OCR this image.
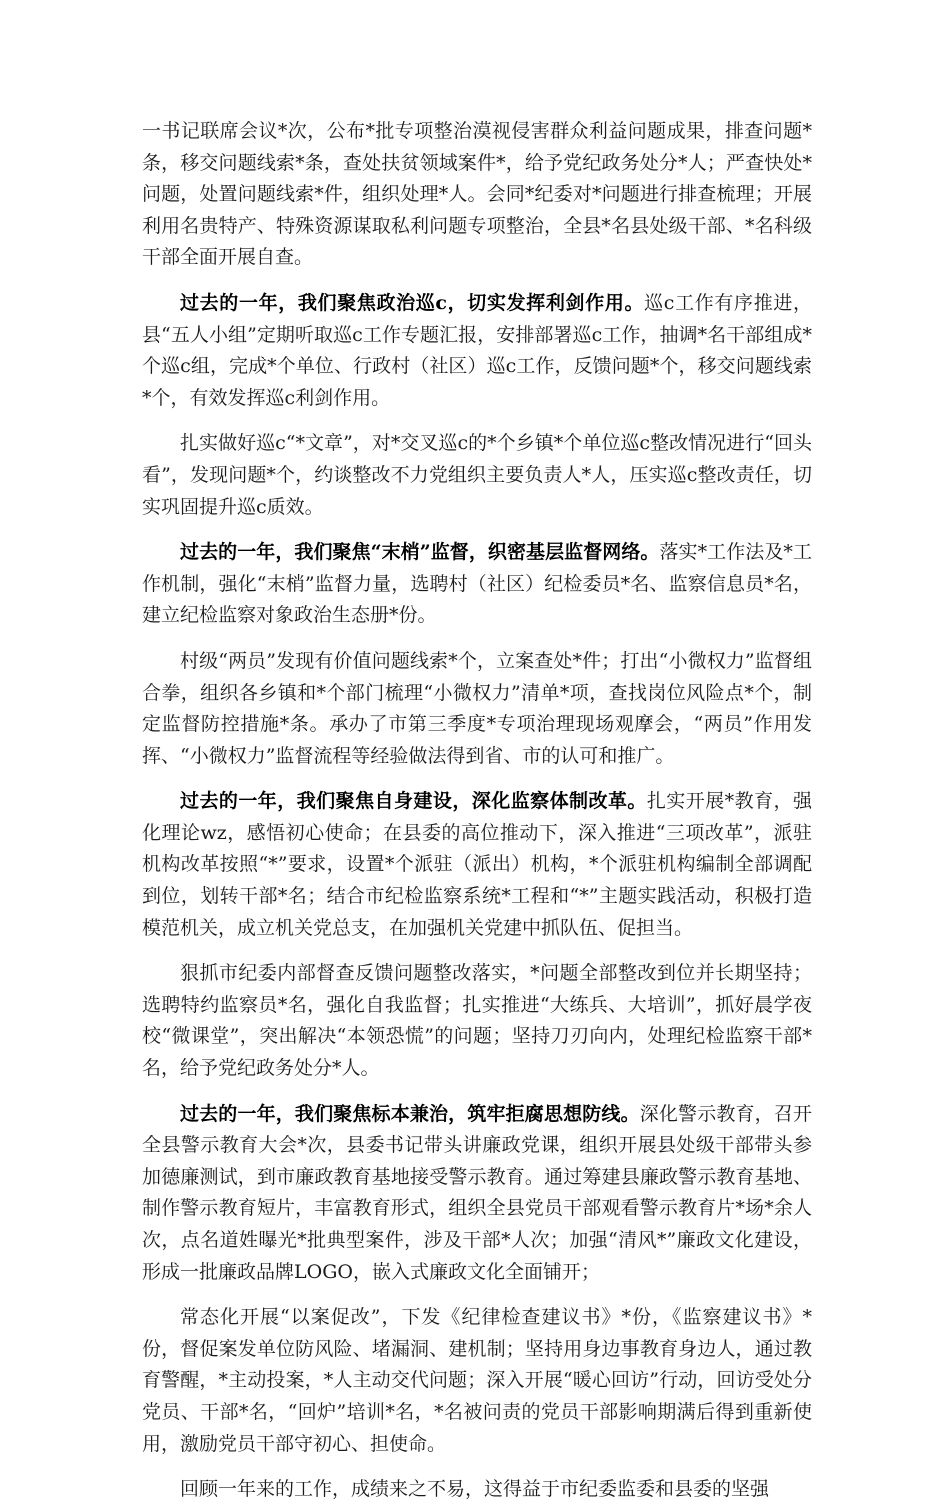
一书记联席会议*次，公布*批专项整治漠视侵害群众利益问题成果，排查问题*条，移交问题线索*条，查处扶贫领域案件*，给予党纪政务处分*人；严查快处*问题，处置问题线索*件，组织处理*人。会同*纪委对*问题进行排查梳理；开展利用名贵特产、特殊资源谋取私利问题专项整治，全县*名县处级干部、*名科级干部全面开展自查。

过去的一年，我们聚焦政治巡c，切实发挥利剑作用。巡c工作有序推进，县“五人小组”定期听取巡c工作专题汇报，安排部署巡c工作，抽调*名干部组成*个巡c组，完成*个单位、行政村（社区）巡c工作，反馈问题*个，移交问题线索*个，有效发挥巡c利剑作用。

扎实做好巡c“*文章”，对*交叉巡c的*个乡镇*个单位巡c整改情况进行“回头看”，发现问题*个，约谈整改不力党组织主要负责人*人，压实巡c整改责任，切实巩固提升巡c质效。

过去的一年，我们聚焦“末梢”监督，织密基层监督网络。落实*工作法及*工作机制，强化“末梢”监督力量，选聘村（社区）纪检委员*名、监察信息员*名，建立纪检监察对象政治生态册*份。

村级“两员”发现有价值问题线索*个，立案查处*件；打出“小微权力”监督组合拳，组织各乡镇和*个部门梳理“小微权力”清单*项，查找岗位风险点*个，制定监督防控措施*条。承办了市第三季度*专项治理现场观摩会，“两员”作用发挥、“小微权力”监督流程等经验做法得到省、市的认可和推广。

过去的一年，我们聚焦自身建设，深化监察体制改革。扎实开展*教育，强化理论wz，感悟初心使命；在县委的高位推动下，深入推进“三项改革”，派驻机构改革按照“*”要求，设置*个派驻（派出）机构，*个派驻机构编制全部调配到位，划转干部*名；结合市纪检监察系统*工程和“*”主题实践活动，积极打造模范机关，成立机关党总支，在加强机关党建中抓队伍、促担当。

狠抓市纪委内部督查反馈问题整改落实，*问题全部整改到位并长期坚持；选聘特约监察员*名，强化自我监督；扎实推进“大练兵、大培训”，抓好晨学夜校“微课堂”，突出解决“本领恐慌”的问题；坚持刀刃向内，处理纪检监察干部*名，给予党纪政务处分*人。

过去的一年，我们聚焦标本兼治，筑牢拒腐思想防线。深化警示教育，召开全县警示教育大会*次，县委书记带头讲廉政党课，组织开展县处级干部带头参加德廉测试，到市廉政教育基地接受警示教育。通过筹建县廉政警示教育基地、制作警示教育短片，丰富教育形式，组织全县党员干部观看警示教育片*场*余人次，点名道姓曝光*批典型案件，涉及干部*人次；加强“清风*”廉政文化建设，形成一批廉政品牌LOGO，嵌入式廉政文化全面铺开；

常态化开展“以案促改”，下发《纪律检查建议书》*份，《监察建议书》*份，督促案发单位防风险、堵漏洞、建机制；坚持用身边事教育身边人，通过教育警醒，*主动投案，*人主动交代问题；深入开展“暖心回访”行动，回访受处分党员、干部*名，“回炉”培训*名，*名被问责的党员干部影响期满后得到重新使用，激励党员干部守初心、担使命。

回顾一年来的工作，成绩来之不易，这得益于市纪委监委和县委的坚强
